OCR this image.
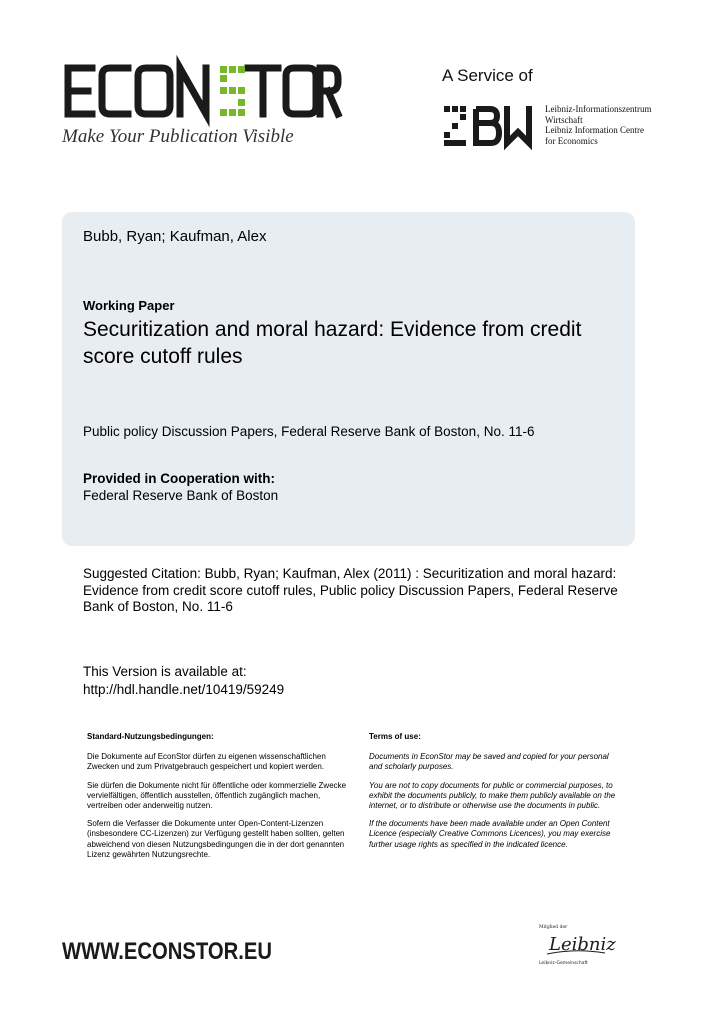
Make Your Publication Visible
A Service of
Leibniz-Informationszentrum
Wirtschaft
Leibniz Information Centre
for Economics
Bubb, Ryan; Kaufman, Alex
Working Paper
Securitization and moral hazard: Evidence from credit score cutoff rules
Public policy Discussion Papers, Federal Reserve Bank of Boston, No. 11-6
Provided in Cooperation with:
Federal Reserve Bank of Boston
Suggested Citation: Bubb, Ryan; Kaufman, Alex (2011) : Securitization and moral hazard: Evidence from credit score cutoff rules, Public policy Discussion Papers, Federal Reserve Bank of Boston, No. 11-6
This Version is available at:
http://hdl.handle.net/10419/59249
Standard-Nutzungsbedingungen:

Die Dokumente auf EconStor dürfen zu eigenen wissenschaftlichen Zwecken und zum Privatgebrauch gespeichert und kopiert werden.

Sie dürfen die Dokumente nicht für öffentliche oder kommerzielle Zwecke vervielfältigen, öffentlich ausstellen, öffentlich zugänglich machen, vertreiben oder anderweitig nutzen.

Sofern die Verfasser die Dokumente unter Open-Content-Lizenzen (insbesondere CC-Lizenzen) zur Verfügung gestellt haben sollten, gelten abweichend von diesen Nutzungsbedingungen die in der dort genannten Lizenz gewährten Nutzungsrechte.

Terms of use:

Documents in EconStor may be saved and copied for your personal and scholarly purposes.

You are not to copy documents for public or commercial purposes, to exhibit the documents publicly, to make them publicly available on the internet, or to distribute or otherwise use the documents in public.

If the documents have been made available under an Open Content Licence (especially Creative Commons Licences), you may exercise further usage rights as specified in the indicated licence.

WWW.ECONSTOR.EU
Mitglied der
Leibniz
Leibniz-Gemeinschaft
